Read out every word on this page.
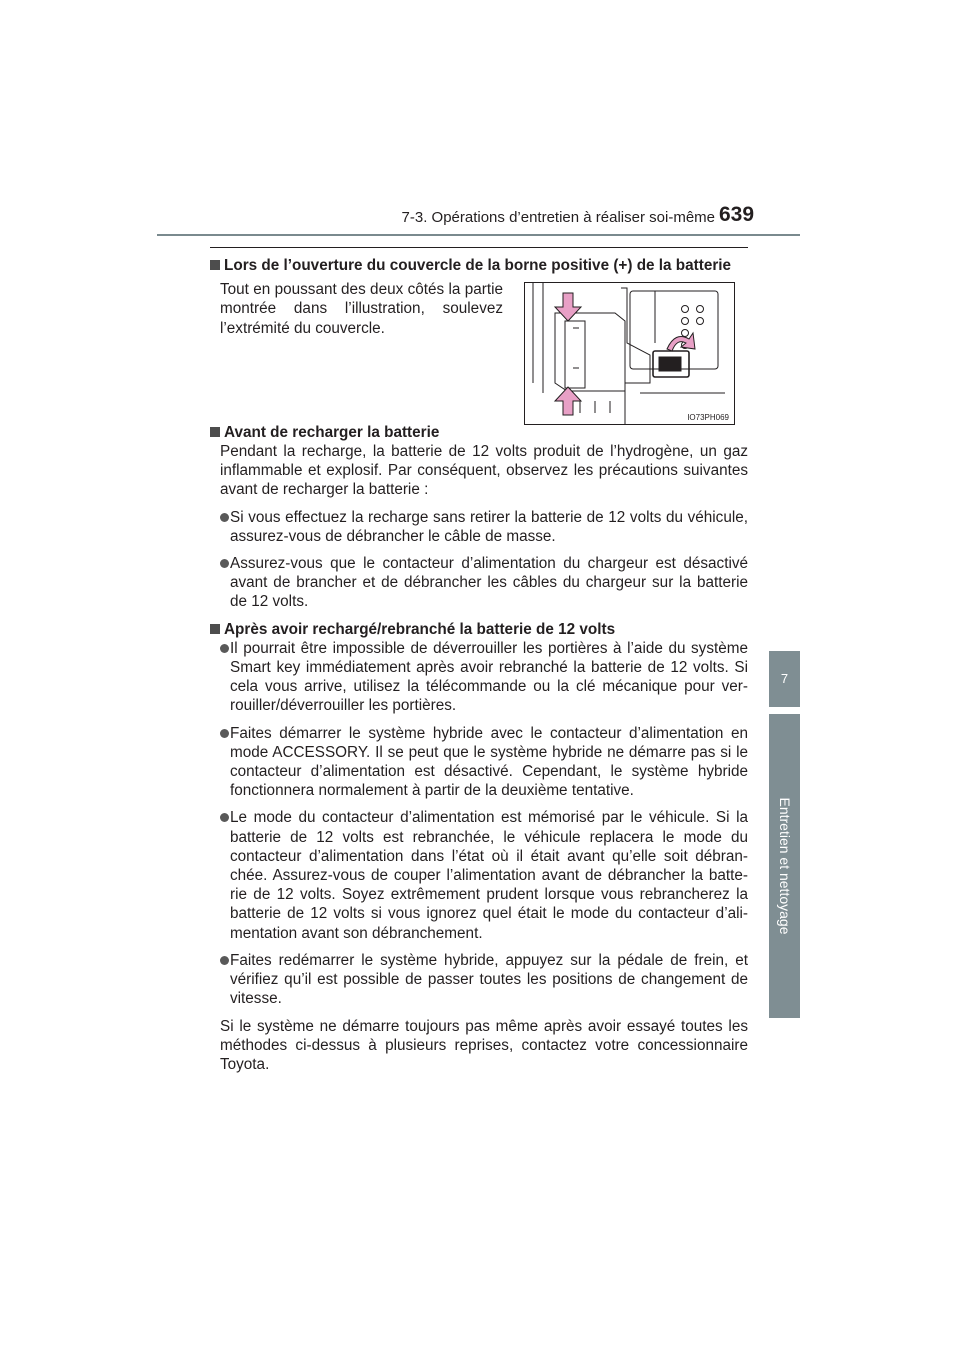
7-3. Opérations d’entretien à réaliser soi-même 639
7
Entretien et nettoyage
IO73PH069

Lors de l’ouverture du couvercle de la borne positive (+) de la batterie

Tout en poussant des deux côtés la partie montrée dans l’illustration, soulevez l’extrémité du couvercle.

Avant de recharger la batterie

Pendant la recharge, la batterie de 12 volts produit de l’hydrogène, un gaz inflammable et explosif. Par conséquent, observez les précautions suivantes avant de recharger la batterie :

Si vous effectuez la recharge sans retirer la batterie de 12 volts du véhicule, assurez-vous de débrancher le câble de masse.

Assurez-vous que le contacteur d’alimentation du chargeur est désactivé avant de brancher et de débrancher les câbles du chargeur sur la batterie de 12 volts.

Après avoir rechargé/rebranché la batterie de 12 volts

Il pourrait être impossible de déverrouiller les portières à l’aide du système Smart key immédiatement après avoir rebranché la batterie de 12 volts. Si cela vous arrive, utilisez la télécommande ou la clé mécanique pour ver- rouiller/déverrouiller les portières.

Faites démarrer le système hybride avec le contacteur d’alimentation en mode ACCESSORY. Il se peut que le système hybride ne démarre pas si le contacteur d’alimentation est désactivé. Cependant, le système hybride fonctionnera normalement à partir de la deuxième tentative.

Le mode du contacteur d’alimentation est mémorisé par le véhicule. Si la batterie de 12 volts est rebranchée, le véhicule replacera le mode du contacteur d’alimentation dans l’état où il était avant qu’elle soit débran- chée. Assurez-vous de couper l’alimentation avant de débrancher la batte- rie de 12 volts. Soyez extrêmement prudent lorsque vous rebrancherez la batterie de 12 volts si vous ignorez quel était le mode du contacteur d’ali- mentation avant son débranchement.

Faites redémarrer le système hybride, appuyez sur la pédale de frein, et vérifiez qu’il est possible de passer toutes les positions de changement de vitesse.

Si le système ne démarre toujours pas même après avoir essayé toutes les méthodes ci-dessus à plusieurs reprises, contactez votre concessionnaire Toyota.
